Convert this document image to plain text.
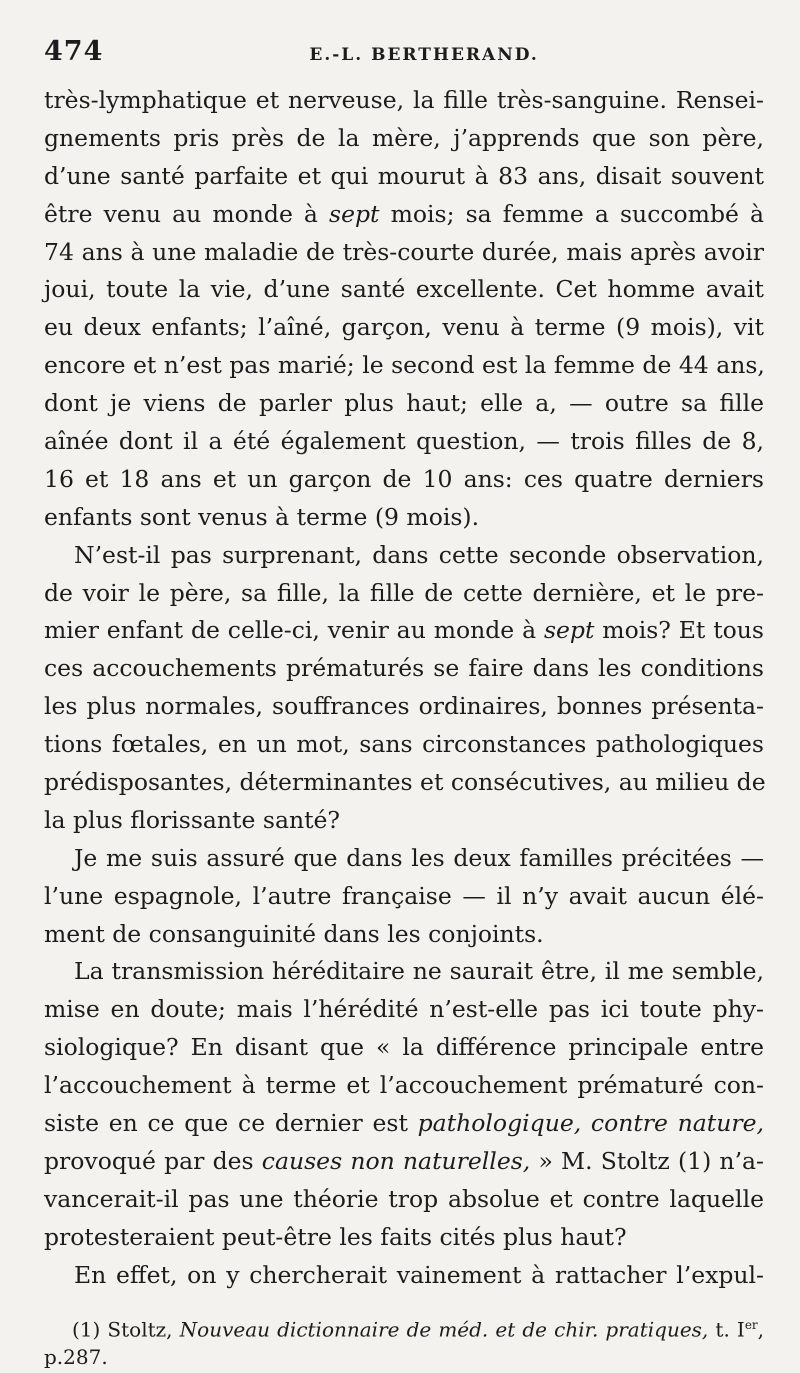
474	E.-L. BERTHERAND.
très-lymphatique et nerveuse, la fille très-sanguine. Rensei-
gnements pris près de la mère, j’apprends que son père,
d’une santé parfaite et qui mourut à 83 ans, disait souvent
être venu au monde à sept mois; sa femme a succombé à
74 ans à une maladie de très-courte durée, mais après avoir
joui, toute la vie, d’une santé excellente. Cet homme avait
eu deux enfants; l’aîné, garçon, venu à terme (9 mois), vit
encore et n’est pas marié; le second est la femme de 44 ans,
dont je viens de parler plus haut; elle a, — outre sa fille
aînée dont il a été également question, — trois filles de 8,
16 et 18 ans et un garçon de 10 ans: ces quatre derniers
enfants sont venus à terme (9 mois).
N’est-il pas surprenant, dans cette seconde observation,
de voir le père, sa fille, la fille de cette dernière, et le pre-
mier enfant de celle-ci, venir au monde à sept mois? Et tous
ces accouchements prématurés se faire dans les conditions
les plus normales, souffrances ordinaires, bonnes présenta-
tions fœtales, en un mot, sans circonstances pathologiques
prédisposantes, déterminantes et consécutives, au milieu de
la plus florissante santé?
Je me suis assuré que dans les deux familles précitées —
l’une espagnole, l’autre française — il n’y avait aucun élé-
ment de consanguinité dans les conjoints.
La transmission héréditaire ne saurait être, il me semble,
mise en doute; mais l’hérédité n’est-elle pas ici toute phy-
siologique? En disant que « la différence principale entre
l’accouchement à terme et l’accouchement prématuré con-
siste en ce que ce dernier est pathologique, contre nature,
provoqué par des causes non naturelles, » M. Stoltz (1) n’a-
vancerait-il pas une théorie trop absolue et contre laquelle
protesteraient peut-être les faits cités plus haut?
En effet, on y chercherait vainement à rattacher l’expul-
(1) Stoltz, Nouveau dictionnaire de méd. et de chir. pratiques, t. Ier,
p.287.
